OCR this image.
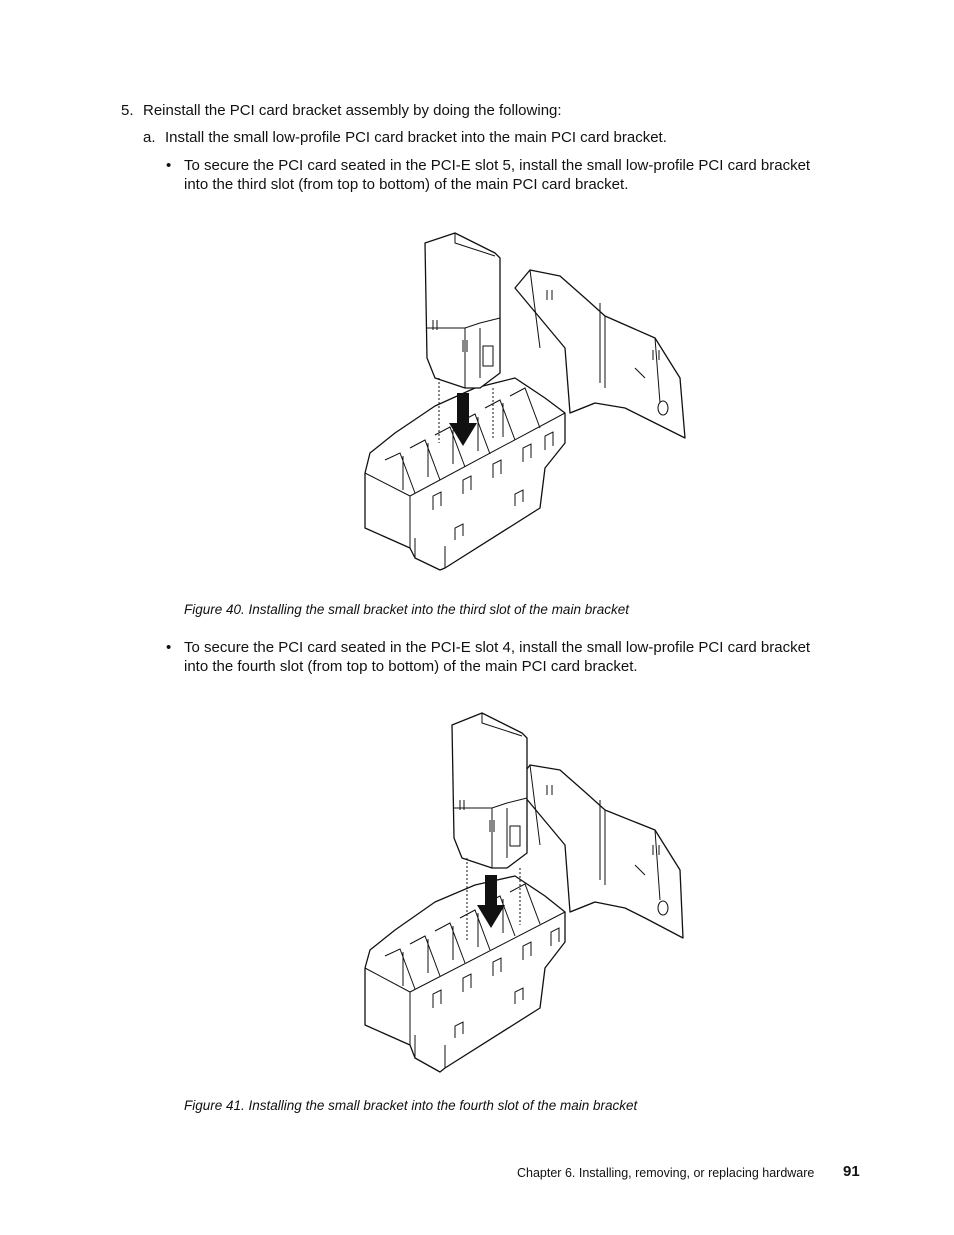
5. Reinstall the PCI card bracket assembly by doing the following:
a. Install the small low-profile PCI card bracket into the main PCI card bracket.
• To secure the PCI card seated in the PCI-E slot 5, install the small low-profile PCI card bracket
into the third slot (from top to bottom) of the main PCI card bracket.
Figure 40. Installing the small bracket into the third slot of the main bracket
• To secure the PCI card seated in the PCI-E slot 4, install the small low-profile PCI card bracket
into the fourth slot (from top to bottom) of the main PCI card bracket.
Figure 41. Installing the small bracket into the fourth slot of the main bracket
Chapter 6. Installing, removing, or replacing hardware 91
